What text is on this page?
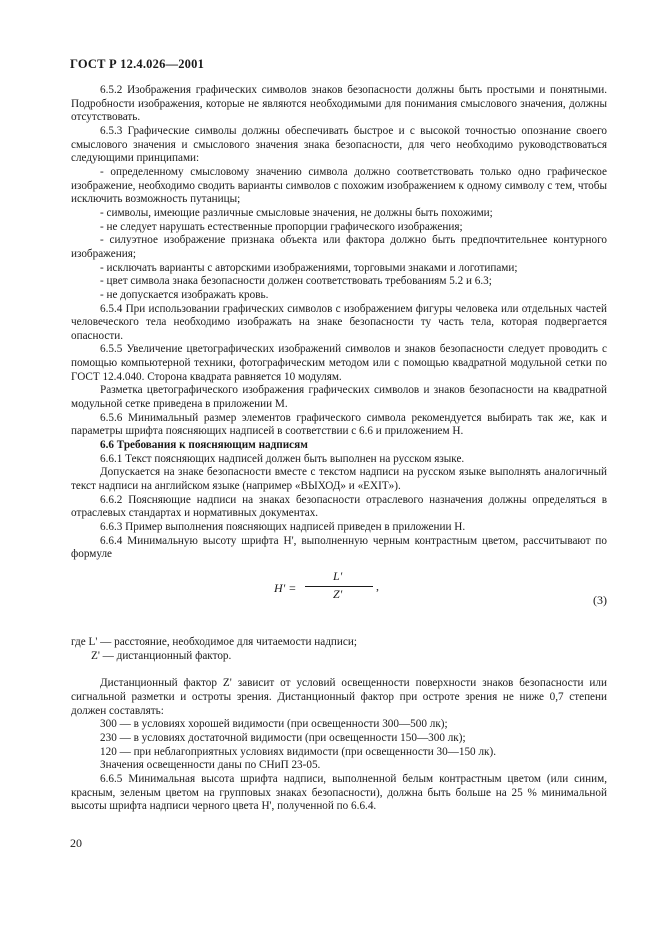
ГОСТ Р 12.4.026—2001

6.5.2 Изображения графических символов знаков безопасности должны быть простыми и понятными. Подробности изображения, которые не являются необходимыми для понимания смыслового значения, должны отсутствовать.

6.5.3 Графические символы должны обеспечивать быстрое и с высокой точностью опознание своего смыслового значения и смыслового значения знака безопасности, для чего необходимо руководствоваться следующими принципами:

- определенному смысловому значению символа должно соответствовать только одно графическое изображение, необходимо сводить варианты символов с похожим изображением к одному символу с тем, чтобы исключить возможность путаницы;

- символы, имеющие различные смысловые значения, не должны быть похожими;

- не следует нарушать естественные пропорции графического изображения;

- силуэтное изображение признака объекта или фактора должно быть предпочтительнее контурного изображения;

- исключать варианты с авторскими изображениями, торговыми знаками и логотипами;

- цвет символа знака безопасности должен соответствовать требованиям 5.2 и 6.3;

- не допускается изображать кровь.

6.5.4 При использовании графических символов с изображением фигуры человека или отдельных частей человеческого тела необходимо изображать на знаке безопасности ту часть тела, которая подвергается опасности.

6.5.5 Увеличение цветографических изображений символов и знаков безопасности следует проводить с помощью компьютерной техники, фотографическим методом или с помощью квадратной модульной сетки по ГОСТ 12.4.040. Сторона квадрата равняется 10 модулям.

Разметка цветографического изображения графических символов и знаков безопасности на квадратной модульной сетке приведена в приложении М.

6.5.6 Минимальный размер элементов графического символа рекомендуется выбирать так же, как и параметры шрифта поясняющих надписей в соответствии с 6.6 и приложением Н.

6.6 Требования к поясняющим надписям

6.6.1 Текст поясняющих надписей должен быть выполнен на русском языке.

Допускается на знаке безопасности вместе с текстом надписи на русском языке выполнять аналогичный текст надписи на английском языке (например «ВЫХОД» и «EXIT»).

6.6.2 Поясняющие надписи на знаках безопасности отраслевого назначения должны определяться в отраслевых стандартах и нормативных документах.

6.6.3 Пример выполнения поясняющих надписей приведен в приложении Н.

6.6.4 Минимальную высоту шрифта H', выполненную черным контрастным цветом, рассчитывают по формуле

H' =
L'
Z'
,
(3)

где L' — расстояние, необходимое для читаемости надписи;

Z' — дистанционный фактор.

Дистанционный фактор Z' зависит от условий освещенности поверхности знаков безопасности или сигнальной разметки и остроты зрения. Дистанционный фактор при остроте зрения не ниже 0,7 степени должен составлять:

300 — в условиях хорошей видимости (при освещенности 300—500 лк);

230 — в условиях достаточной видимости (при освещенности 150—300 лк);

120 — при неблагоприятных условиях видимости (при освещенности 30—150 лк).

Значения освещенности даны по СНиП 23-05.

6.6.5 Минимальная высота шрифта надписи, выполненной белым контрастным цветом (или синим, красным, зеленым цветом на групповых знаках безопасности), должна быть больше на 25 % минимальной высоты шрифта надписи черного цвета H', полученной по 6.6.4.

20
